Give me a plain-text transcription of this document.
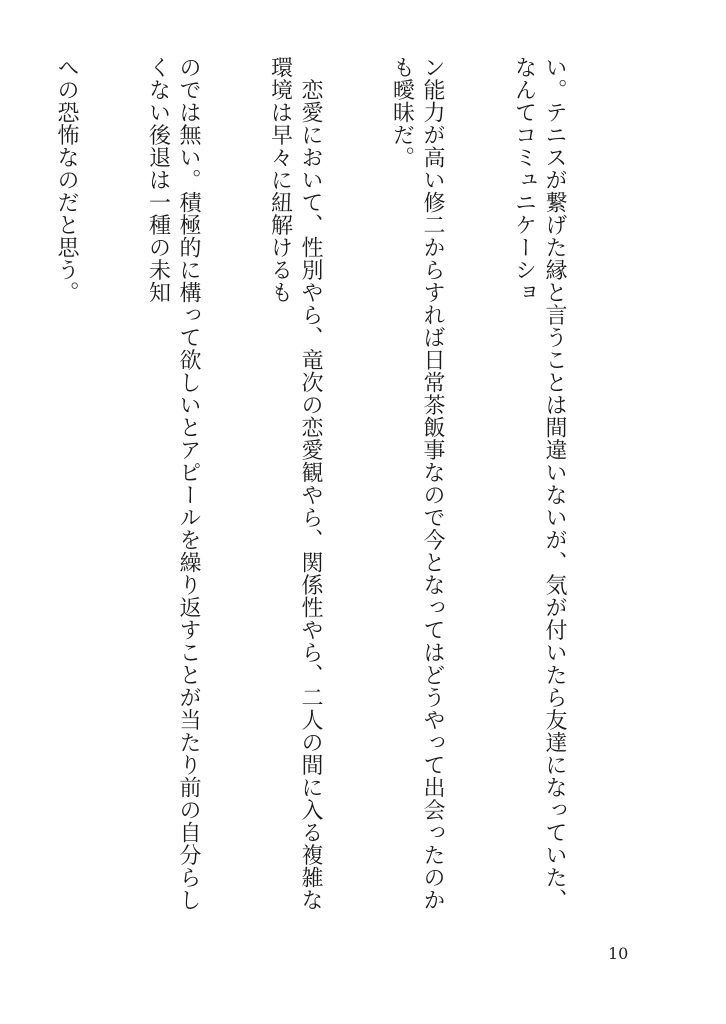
い。テニスが繋げた縁と言うことは間違いないが、気が付いたら友達になっていた、なんてコミュニケーショ

ン能力が高い修二からすれば日常茶飯事なので今となってはどうやって出会ったのかも曖昧だ。

　恋愛において、性別やら、竜次の恋愛観やら、関係性やら、二人の間に入る複雑な環境は早々に紐解けるも

のでは無い。積極的に構って欲しいとアピールを繰り返すことが当たり前の自分らしくない後退は一種の未知

への恐怖なのだと思う。

10
